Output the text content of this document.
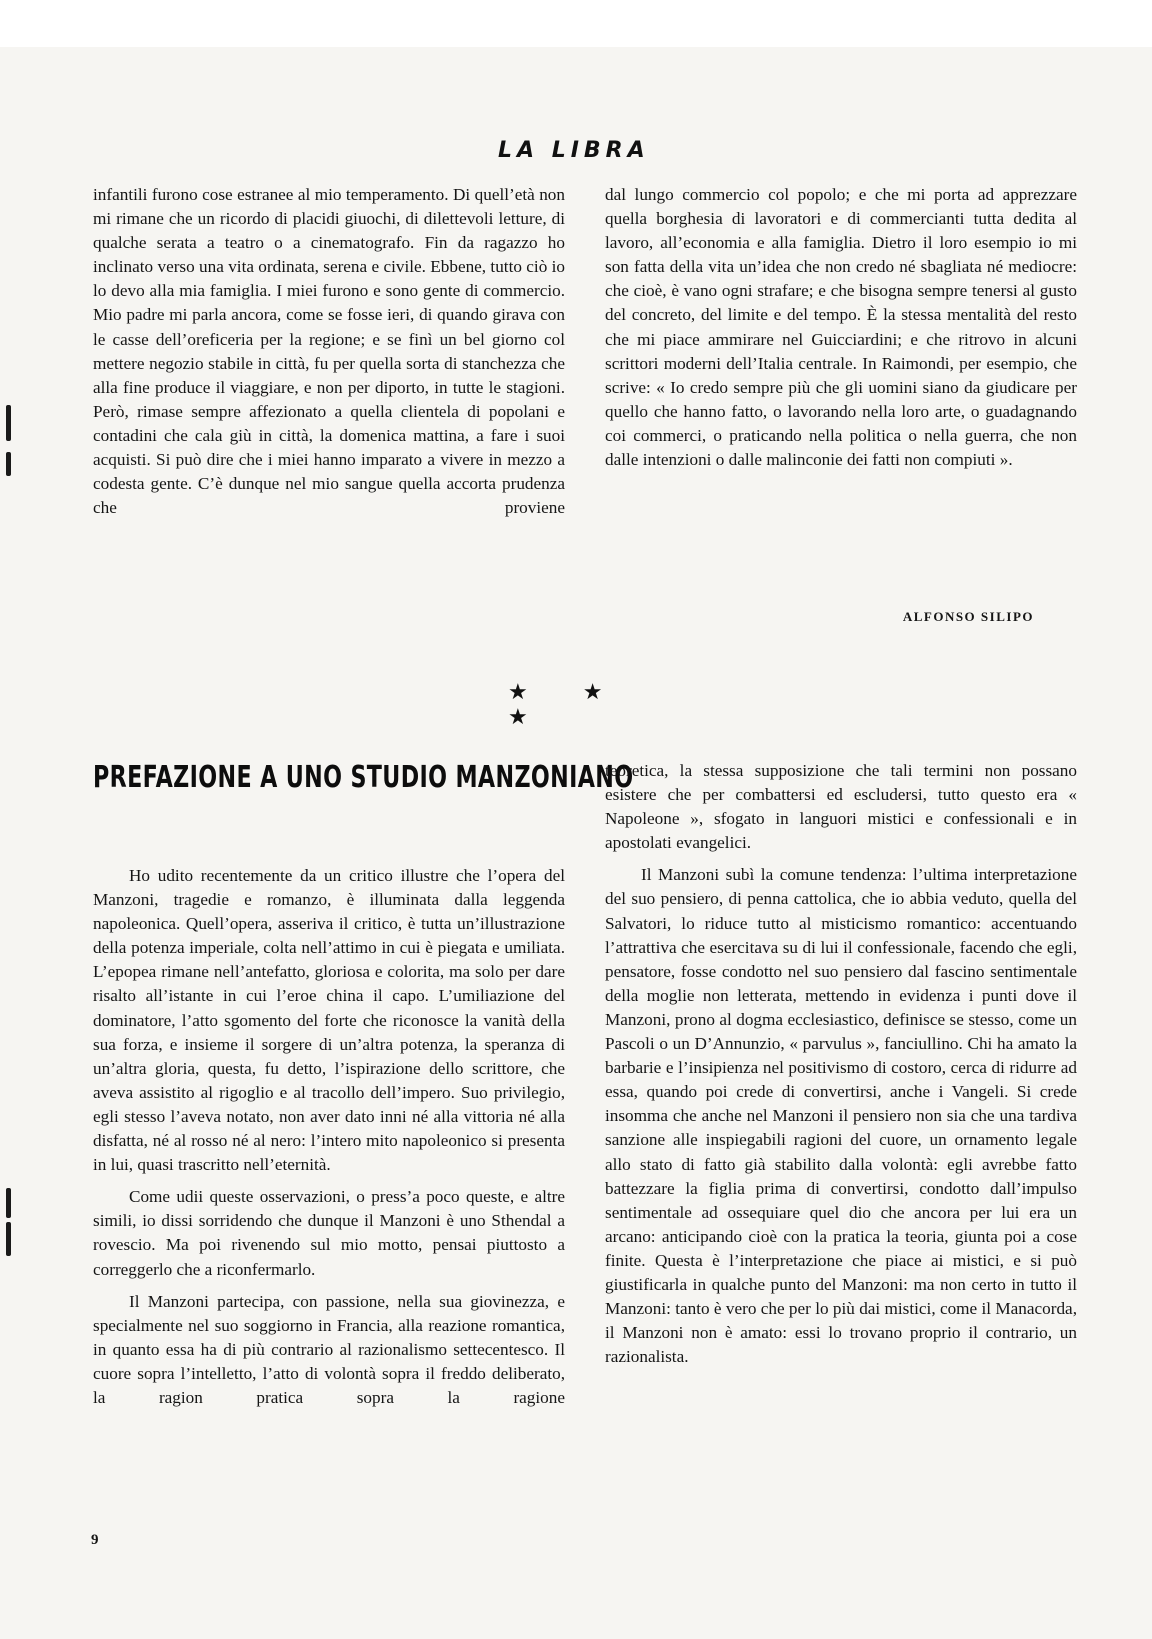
LA LIBRA

infantili furono cose estranee al mio temperamento. Di quell’età non mi rimane che un ricordo di placidi giuochi, di dilettevoli letture, di qualche serata a teatro o a cinematografo. Fin da ragazzo ho inclinato verso una vita ordinata, serena e civile. Ebbene, tutto ciò io lo devo alla mia famiglia. I miei furono e sono gente di commercio. Mio padre mi parla ancora, come se fosse ieri, di quando girava con le casse dell’oreficeria per la regione; e se finì un bel giorno col mettere negozio stabile in città, fu per quella sorta di stanchezza che alla fine produce il viaggiare, e non per diporto, in tutte le stagioni. Però, rimase sempre affezionato a quella clientela di popolani e contadini che cala giù in città, la domenica mattina, a fare i suoi acquisti. Si può dire che i miei hanno imparato a vivere in mezzo a codesta gente. C’è dunque nel mio sangue quella accorta prudenza che proviene

dal lungo commercio col popolo; e che mi porta ad apprezzare quella borghesia di lavoratori e di commercianti tutta dedita al lavoro, all’economia e alla famiglia. Dietro il loro esempio io mi son fatta della vita un’idea che non credo né sbagliata né mediocre: che cioè, è vano ogni strafare; e che bisogna sempre tenersi al gusto del concreto, del limite e del tempo. È la stessa mentalità del resto che mi piace ammirare nel Guicciardini; e che ritrovo in alcuni scrittori moderni dell’Italia centrale. In Raimondi, per esempio, che scrive: « Io credo sempre più che gli uomini siano da giudicare per quello che hanno fatto, o lavorando nella loro arte, o guadagnando coi commerci, o praticando nella politica o nella guerra, che non dalle intenzioni o dalle malinconie dei fatti non compiuti ».

ALFONSO SILIPO

★ ★ ★

PREFAZIONE A UNO STUDIO MANZONIANO

Ho udito recentemente da un critico illustre che l’opera del Manzoni, tragedie e romanzo, è illuminata dalla leggenda napoleonica. Quell’opera, asseriva il critico, è tutta un’illustrazione della potenza imperiale, colta nell’attimo in cui è piegata e umiliata. L’epopea rimane nell’antefatto, gloriosa e colorita, ma solo per dare risalto all’istante in cui l’eroe china il capo. L’umiliazione del dominatore, l’atto sgomento del forte che riconosce la vanità della sua forza, e insieme il sorgere di un’altra potenza, la speranza di un’altra gloria, questa, fu detto, l’ispirazione dello scrittore, che aveva assistito al rigoglio e al tracollo dell’impero. Suo privilegio, egli stesso l’aveva notato, non aver dato inni né alla vittoria né alla disfatta, né al rosso né al nero: l’intero mito napoleonico si presenta in lui, quasi trascritto nell’eternità.

Come udii queste osservazioni, o press’a poco queste, e altre simili, io dissi sorridendo che dunque il Manzoni è uno Sthendal a rovescio. Ma poi rivenendo sul mio motto, pensai piuttosto a correggerlo che a riconfermarlo.

Il Manzoni partecipa, con passione, nella sua giovinezza, e specialmente nel suo soggiorno in Francia, alla reazione romantica, in quanto essa ha di più contrario al razionalismo settecentesco. Il cuore sopra l’intelletto, l’atto di volontà sopra il freddo deliberato, la ragion pratica sopra la ragione

teoretica, la stessa supposizione che tali termini non possano esistere che per combattersi ed escludersi, tutto questo era « Napoleone », sfogato in languori mistici e confessionali e in apostolati evangelici.

Il Manzoni subì la comune tendenza: l’ultima interpretazione del suo pensiero, di penna cattolica, che io abbia veduto, quella del Salvatori, lo riduce tutto al misticismo romantico: accentuando l’attrattiva che esercitava su di lui il confessionale, facendo che egli, pensatore, fosse condotto nel suo pensiero dal fascino sentimentale della moglie non letterata, mettendo in evidenza i punti dove il Manzoni, prono al dogma ecclesiastico, definisce se stesso, come un Pascoli o un D’Annunzio, « parvulus », fanciullino. Chi ha amato la barbarie e l’insipienza nel positivismo di costoro, cerca di ridurre ad essa, quando poi crede di convertirsi, anche i Vangeli. Si crede insomma che anche nel Manzoni il pensiero non sia che una tardiva sanzione alle inspiegabili ragioni del cuore, un ornamento legale allo stato di fatto già stabilito dalla volontà: egli avrebbe fatto battezzare la figlia prima di convertirsi, condotto dall’impulso sentimentale ad ossequiare quel dio che ancora per lui era un arcano: anticipando cioè con la pratica la teoria, giunta poi a cose finite. Questa è l’interpretazione che piace ai mistici, e si può giustificarla in qualche punto del Manzoni: ma non certo in tutto il Manzoni: tanto è vero che per lo più dai mistici, come il Manacorda, il Manzoni non è amato: essi lo trovano proprio il contrario, un razionalista.

9
